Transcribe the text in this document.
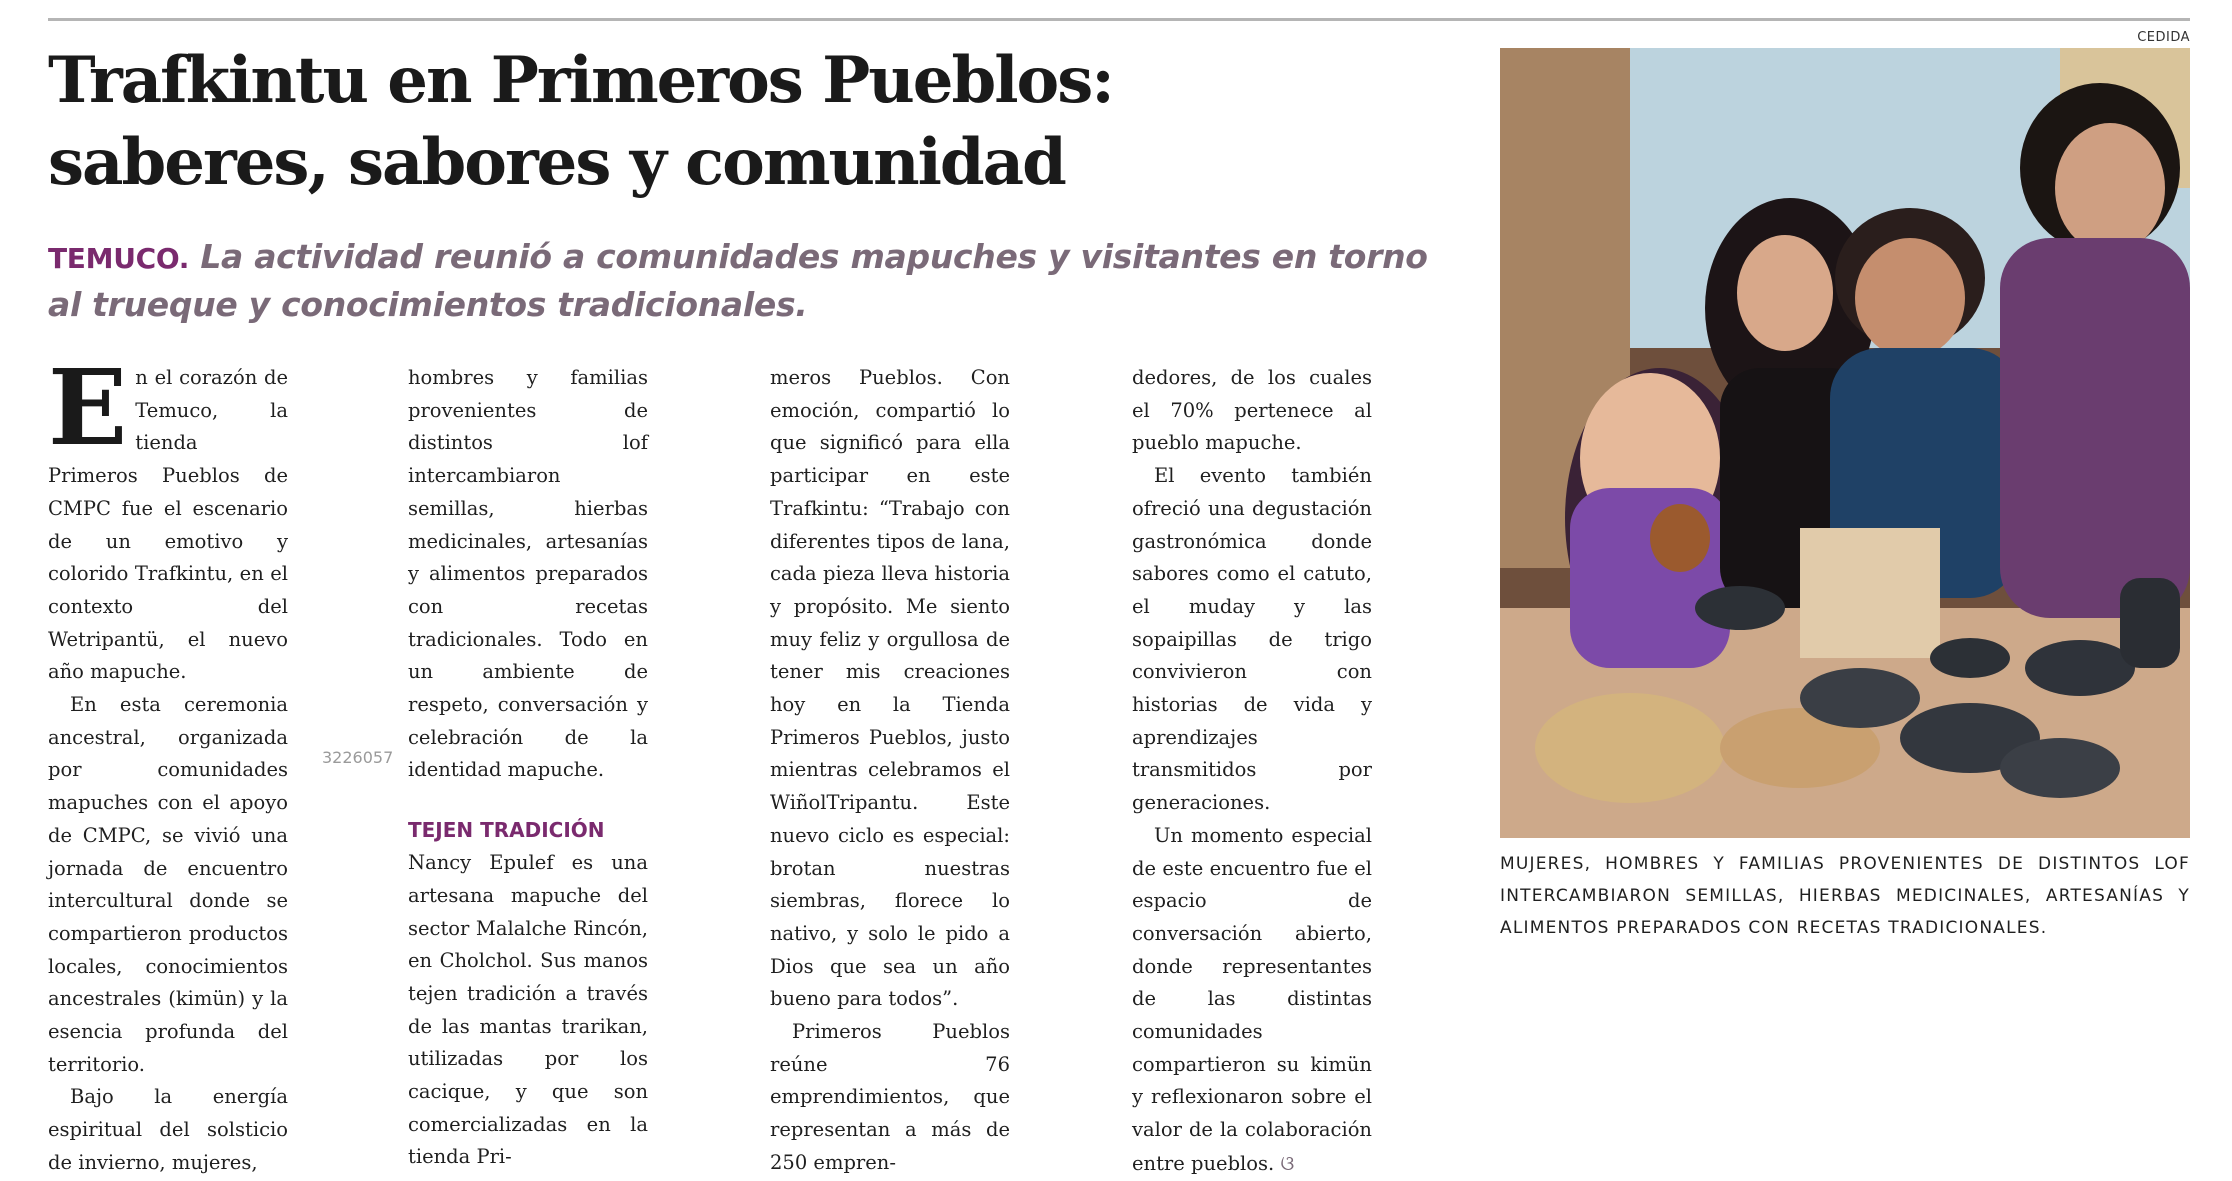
Trafkintu en Primeros Pueblos:
saberes, sabores y comunidad
TEMUCO. La actividad reunió a comunidades mapuches y visitantes en torno al trueque y conocimientos tradicionales.

En el corazón de Temuco, la tienda Primeros Pueblos de CMPC fue el escenario de un emotivo y colorido Trafkintu, en el contexto del Wetripantü, el nuevo año mapuche.

En esta ceremonia ancestral, organizada por comunidades mapuches con el apoyo de CMPC, se vivió una jornada de encuentro intercultural donde se compartieron productos locales, conocimientos ancestrales (kimün) y la esencia profunda del territorio.

Bajo la energía espiritual del solsticio de invierno, mujeres,

hombres y familias provenientes de distintos lof intercambiaron semillas, hierbas medicinales, artesanías y alimentos preparados con recetas tradicionales. Todo en un ambiente de respeto, conversación y celebración de la identidad mapuche.

TEJEN TRADICIÓN

Nancy Epulef es una artesana mapuche del sector Malalche Rincón, en Cholchol. Sus manos tejen tradición a través de las mantas trarikan, utilizadas por los cacique, y que son comercializadas en la tienda Pri-

meros Pueblos. Con emoción, compartió lo que significó para ella participar en este Trafkintu: “Trabajo con diferentes tipos de lana, cada pieza lleva historia y propósito. Me siento muy feliz y orgullosa de tener mis creaciones hoy en la Tienda Primeros Pueblos, justo mientras celebramos el WiñolTripantu. Este nuevo ciclo es especial: brotan nuestras siembras, florece lo nativo, y solo le pido a Dios que sea un año bueno para todos”.

Primeros Pueblos reúne 76 emprendimientos, que representan a más de 250 empren-

dedores, de los cuales el 70% pertenece al pueblo mapuche.

El evento también ofreció una degustación gastronómica donde sabores como el catuto, el muday y las sopaipillas de trigo convivieron con historias de vida y aprendizajes transmitidos por generaciones.

Un momento especial de este encuentro fue el espacio de conversación abierto, donde representantes de las distintas comunidades compartieron su kimün y reflexionaron sobre el valor de la colaboración entre pueblos. ଓ

3226057
CEDIDA
MUJERES, HOMBRES Y FAMILIAS PROVENIENTES DE DISTINTOS LOF INTERCAMBIARON SEMILLAS, HIERBAS MEDICINALES, ARTESANÍAS Y ALIMENTOS PREPARADOS CON RECETAS TRADICIONALES.
